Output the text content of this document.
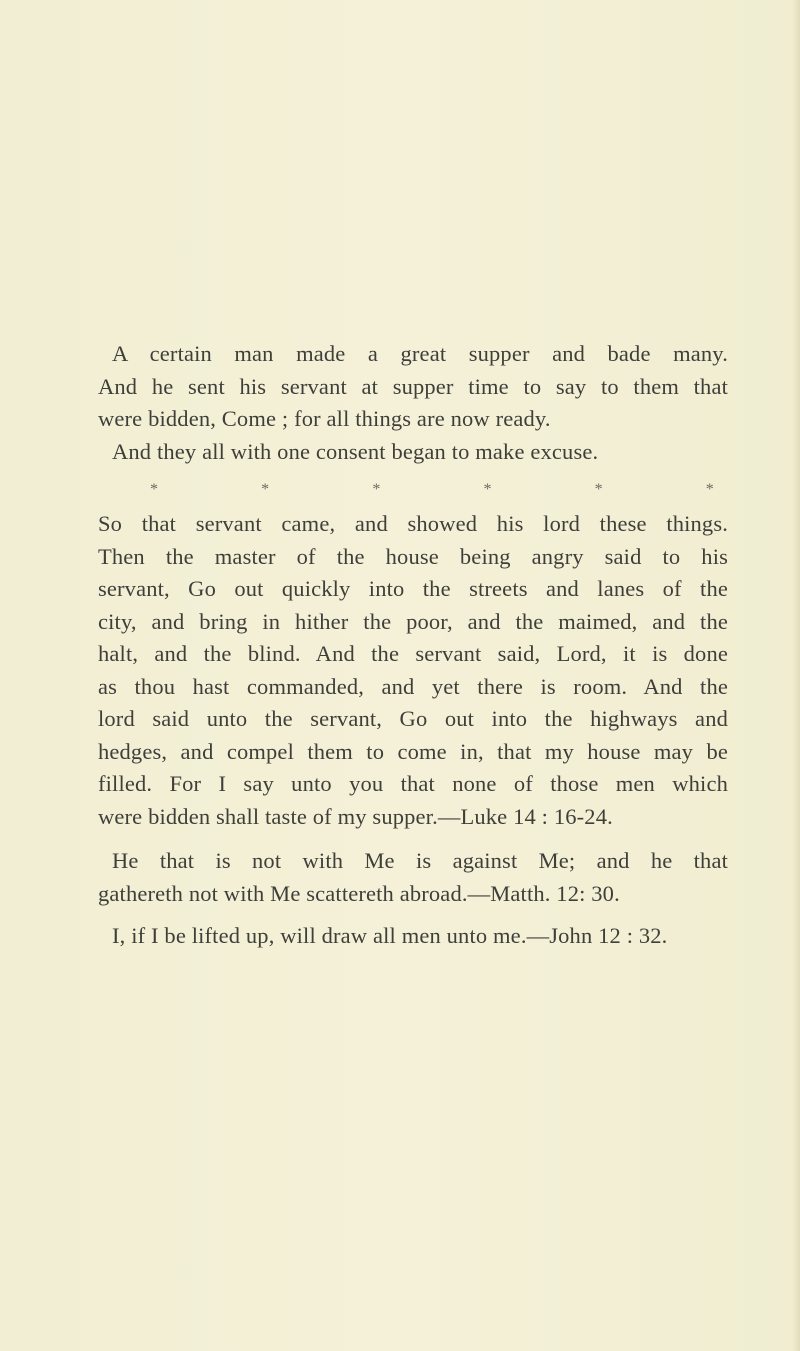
A certain man made a great supper and bade many.
And he sent his servant at supper time to say to them that
were bidden, Come ; for all things are now ready.
And they all with one consent began to make excuse.
*	*	*	*	*	*
So that servant came, and showed his lord these things.
Then the master of the house being angry said to his
servant, Go out quickly into the streets and lanes of the
city, and bring in hither the poor, and the maimed, and the
halt, and the blind. And the servant said, Lord, it is done
as thou hast commanded, and yet there is room. And the
lord said unto the servant, Go out into the highways and
hedges, and compel them to come in, that my house may be
filled. For I say unto you that none of those men which
were bidden shall taste of my supper.—Luke 14 : 16-24.
He that is not with Me is against Me; and he that
gathereth not with Me scattereth abroad.—Matth. 12: 30.
I, if I be lifted up, will draw all men unto me.—John 12 : 32.
